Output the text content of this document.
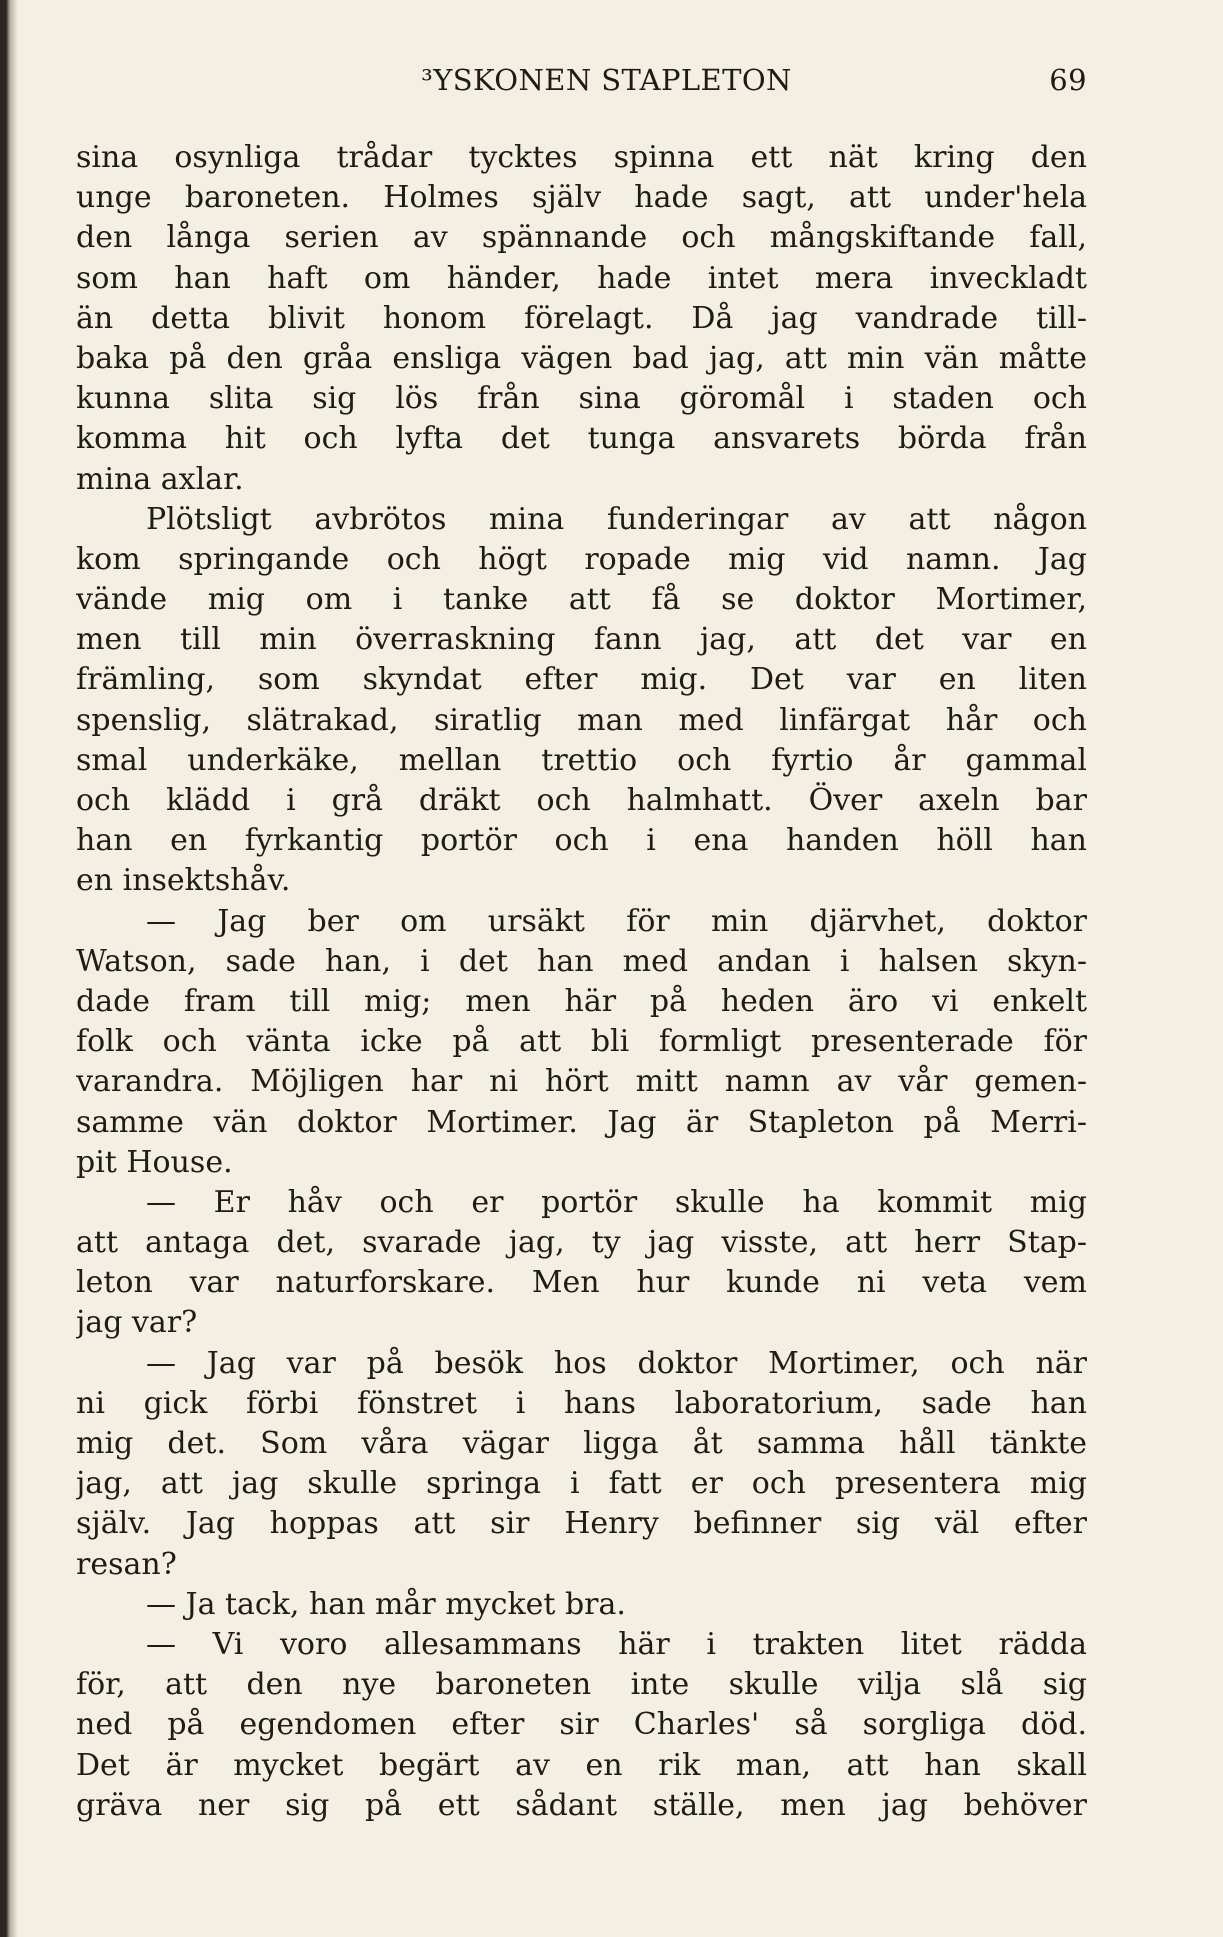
³YSKONEN STAPLETON	69
sina osynliga trådar tycktes spinna ett nät kring den
unge baroneten. Holmes själv hade sagt, att under'hela
den långa serien av spännande och mångskiftande fall,
som han haft om händer, hade intet mera inveckladt
än detta blivit honom förelagt. Då jag vandrade till-
baka på den gråa ensliga vägen bad jag, att min vän måtte
kunna slita sig lös från sina göromål i staden och
komma hit och lyfta det tunga ansvarets börda från
mina axlar.
Plötsligt avbrötos mina funderingar av att någon
kom springande och högt ropade mig vid namn. Jag
vände mig om i tanke att få se doktor Mortimer,
men till min överraskning fann jag, att det var en
främling, som skyndat efter mig. Det var en liten
spenslig, slätrakad, siratlig man med linfärgat hår och
smal underkäke, mellan trettio och fyrtio år gammal
och klädd i grå dräkt och halmhatt. Över axeln bar
han en fyrkantig portör och i ena handen höll han
en insektshåv.
— Jag ber om ursäkt för min djärvhet, doktor
Watson, sade han, i det han med andan i halsen skyn-
dade fram till mig; men här på heden äro vi enkelt
folk och vänta icke på att bli formligt presenterade för
varandra. Möjligen har ni hört mitt namn av vår gemen-
samme vän doktor Mortimer. Jag är Stapleton på Merri-
pit House.
— Er håv och er portör skulle ha kommit mig
att antaga det, svarade jag, ty jag visste, att herr Stap-
leton var naturforskare. Men hur kunde ni veta vem
jag var?
— Jag var på besök hos doktor Mortimer, och när
ni gick förbi fönstret i hans laboratorium, sade han
mig det. Som våra vägar ligga åt samma håll tänkte
jag, att jag skulle springa i fatt er och presentera mig
själv. Jag hoppas att sir Henry befinner sig väl efter
resan?
— Ja tack, han mår mycket bra.
— Vi voro allesammans här i trakten litet rädda
för, att den nye baroneten inte skulle vilja slå sig
ned på egendomen efter sir Charles' så sorgliga död.
Det är mycket begärt av en rik man, att han skall
gräva ner sig på ett sådant ställe, men jag behöver
